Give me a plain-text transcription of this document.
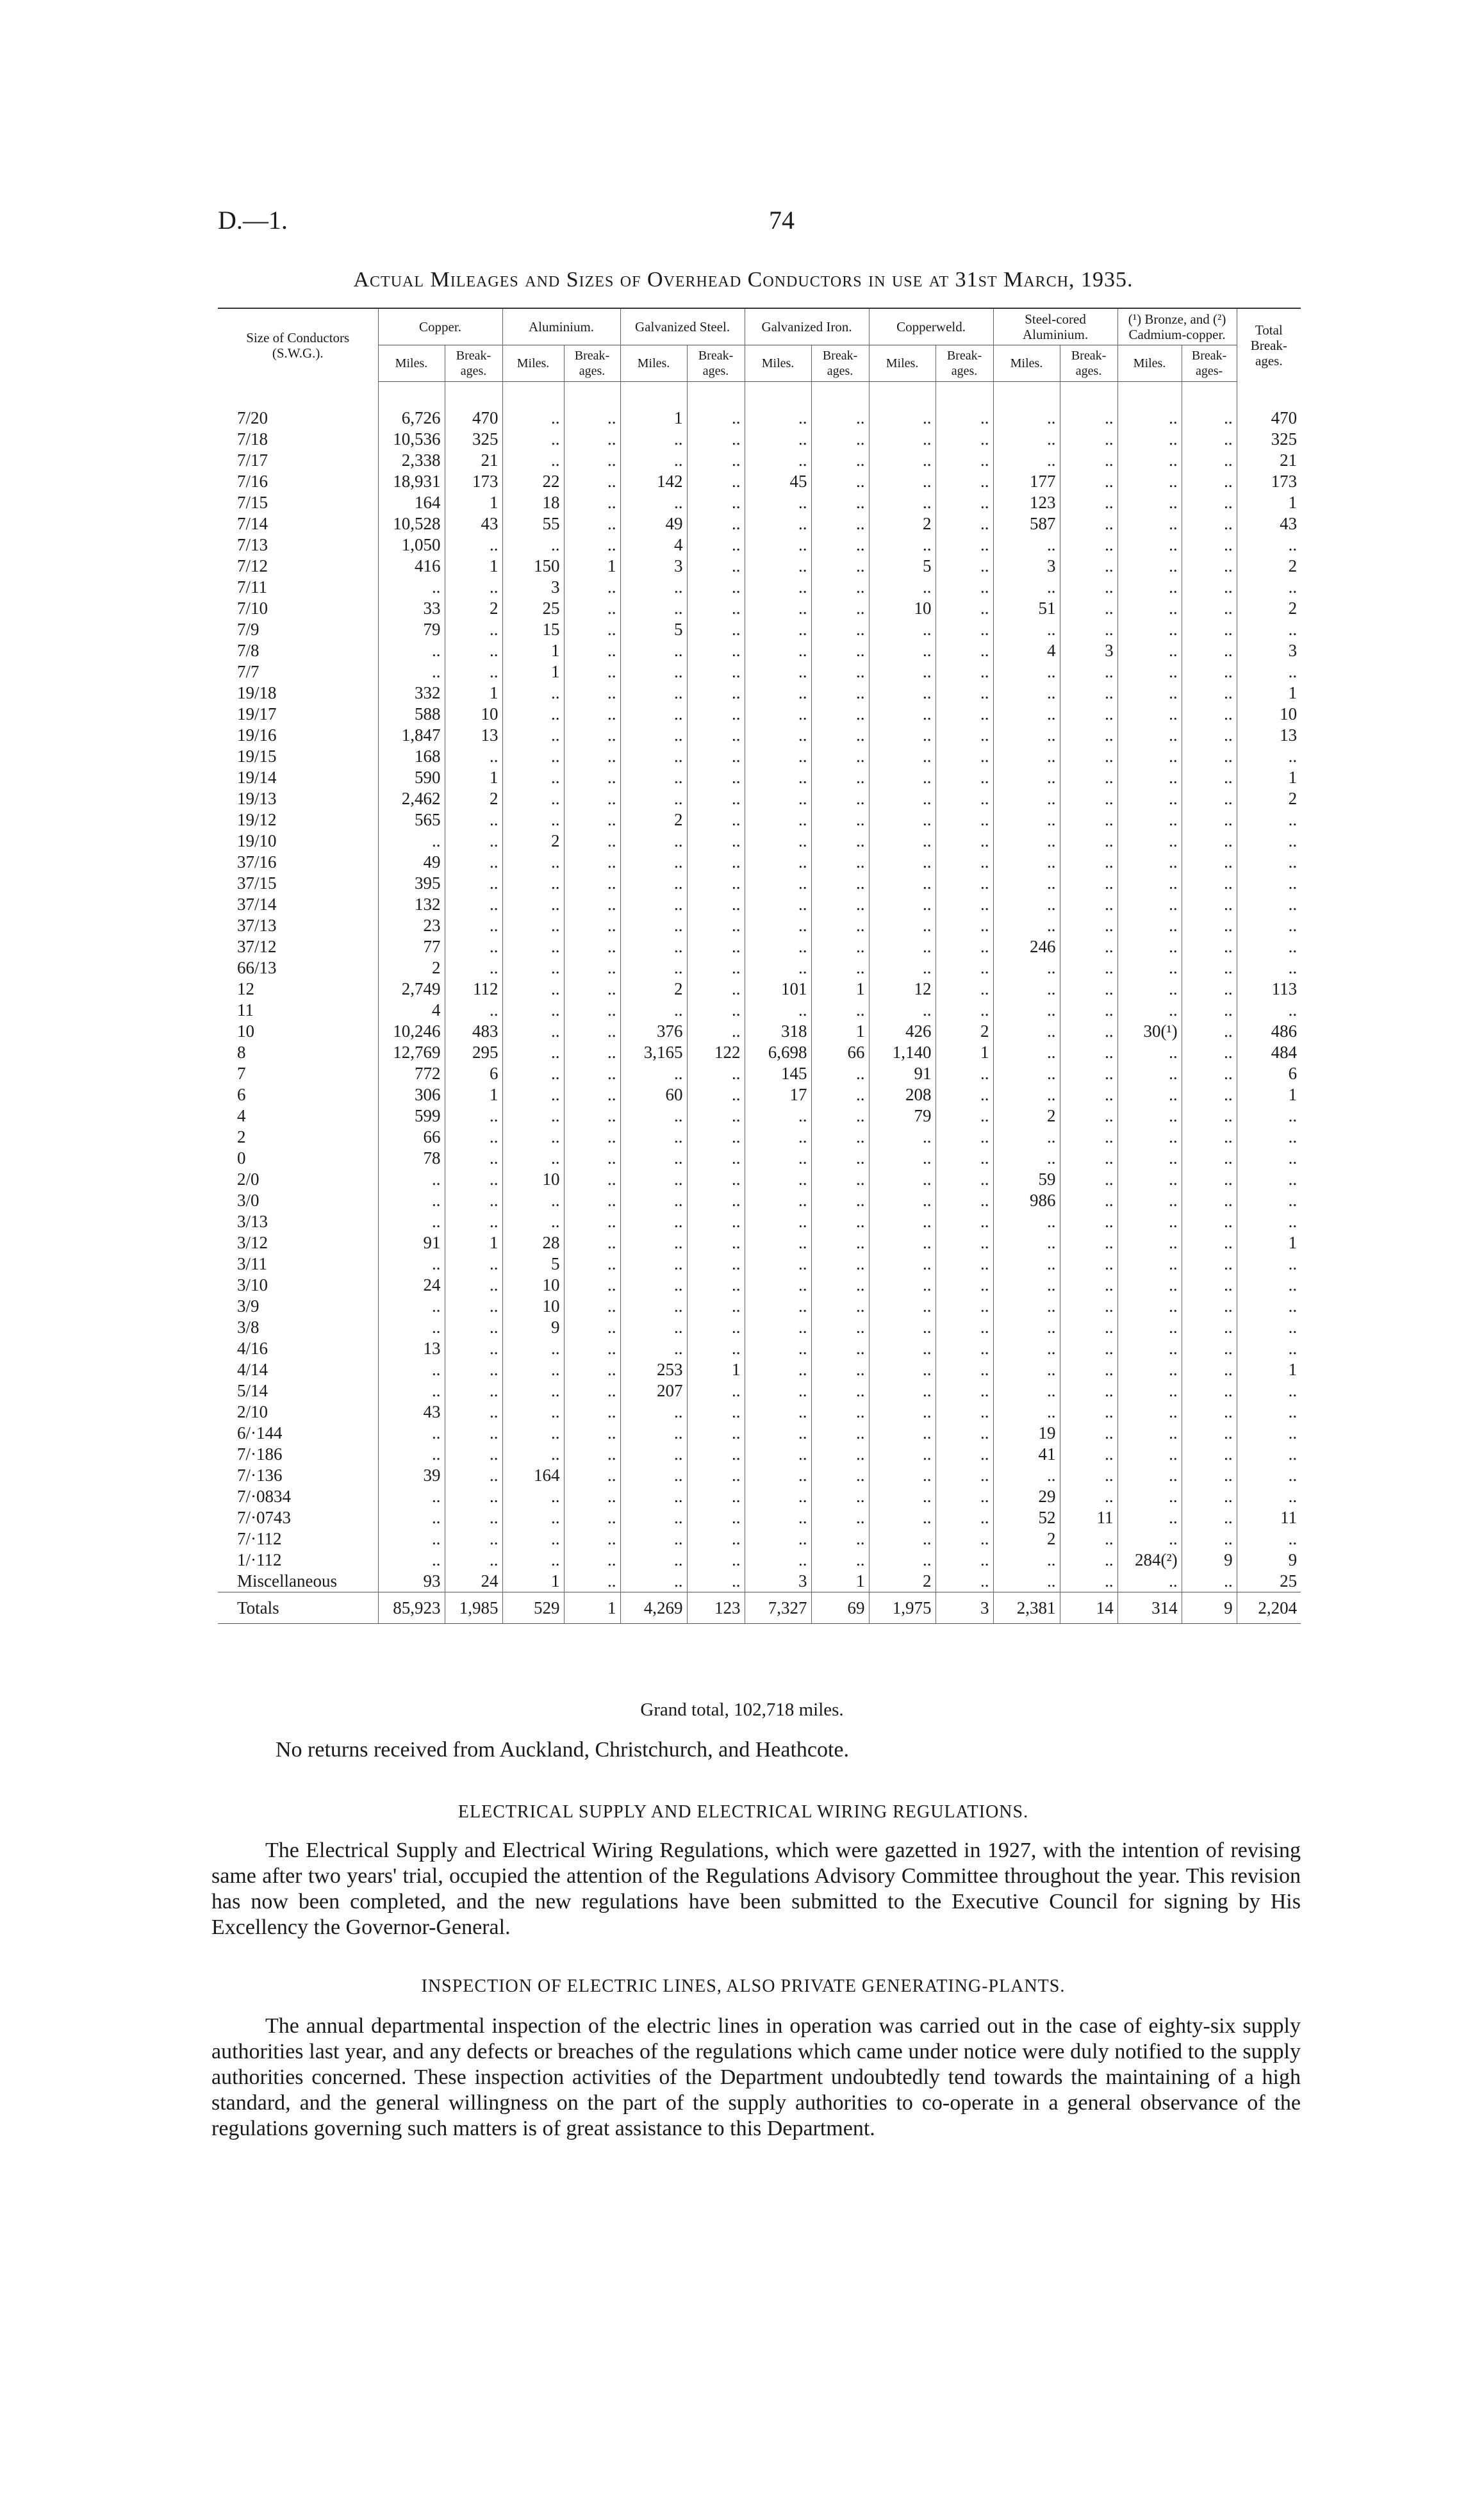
D.—1.	74
Actual Mileages and Sizes of Overhead Conductors in use at 31st March, 1935.
Size of Conductors (S.W.G.).	Copper.		Aluminium.		Galvanized Steel.		Galvanized Iron.		Copperweld.		Steel-cored Aluminium.		(¹) Bronze, and (²) Cadmium-copper.		Total Break-ages.
	Miles.	Break-ages.	Miles.	Break-ages.	Miles.	Break-ages.	Miles.	Break-ages.	Miles.	Break-ages.	Miles.	Break-ages.	Miles.	Break-ages-	
7/20	6,726	470	..	..	1	..	..	..	..	..	..	..	..	..	470
7/18	10,536	325	..	..	..	..	..	..	..	..	..	..	..	..	325
7/17	2,338	21	..	..	..	..	..	..	..	..	..	..	..	..	21
7/16	18,931	173	22	..	142	..	45	..	..	..	177	..	..	..	173
7/15	164	1	18	..	..	..	..	..	..	..	123	..	..	..	1
7/14	10,528	43	55	..	49	..	..	..	2	..	587	..	..	..	43
7/13	1,050	..	..	..	4	..	..	..	..	..	..	..	..	..	..
7/12	416	1	150	1	3	..	..	..	5	..	3	..	..	..	2
7/11	..	..	3	..	..	..	..	..	..	..	..	..	..	..	..
7/10	33	2	25	..	..	..	..	..	10	..	51	..	..	..	2
7/9	79	..	15	..	5	..	..	..	..	..	..	..	..	..	..
7/8	..	..	1	..	..	..	..	..	..	..	4	3	..	..	3
7/7	..	..	1	..	..	..	..	..	..	..	..	..	..	..	..
19/18	332	1	..	..	..	..	..	..	..	..	..	..	..	..	1
19/17	588	10	..	..	..	..	..	..	..	..	..	..	..	..	10
19/16	1,847	13	..	..	..	..	..	..	..	..	..	..	..	..	13
19/15	168	..	..	..	..	..	..	..	..	..	..	..	..	..	..
19/14	590	1	..	..	..	..	..	..	..	..	..	..	..	..	1
19/13	2,462	2	..	..	..	..	..	..	..	..	..	..	..	..	2
19/12	565	..	..	..	2	..	..	..	..	..	..	..	..	..	..
19/10	..	..	2	..	..	..	..	..	..	..	..	..	..	..	..
37/16	49	..	..	..	..	..	..	..	..	..	..	..	..	..	..
37/15	395	..	..	..	..	..	..	..	..	..	..	..	..	..	..
37/14	132	..	..	..	..	..	..	..	..	..	..	..	..	..	..
37/13	23	..	..	..	..	..	..	..	..	..	..	..	..	..	..
37/12	77	..	..	..	..	..	..	..	..	..	246	..	..	..	..
66/13	2	..	..	..	..	..	..	..	..	..	..	..	..	..	..
12	2,749	112	..	..	2	..	101	1	12	..	..	..	..	..	113
11	4	..	..	..	..	..	..	..	..	..	..	..	..	..	..
10	10,246	483	..	..	376	..	318	1	426	2	..	..	30(¹)	..	486
8	12,769	295	..	..	3,165	122	6,698	66	1,140	1	..	..	..	..	484
7	772	6	..	..	..	..	145	..	91	..	..	..	..	..	6
6	306	1	..	..	60	..	17	..	208	..	..	..	..	..	1
4	599	..	..	..	..	..	..	..	79	..	2	..	..	..	..
2	66	..	..	..	..	..	..	..	..	..	..	..	..	..	..
0	78	..	..	..	..	..	..	..	..	..	..	..	..	..	..
2/0	..	..	10	..	..	..	..	..	..	..	59	..	..	..	..
3/0	..	..	..	..	..	..	..	..	..	..	986	..	..	..	..
3/13	..	..	..	..	..	..	..	..	..	..	..	..	..	..	..
3/12	91	1	28	..	..	..	..	..	..	..	..	..	..	..	1
3/11	..	..	5	..	..	..	..	..	..	..	..	..	..	..	..
3/10	24	..	10	..	..	..	..	..	..	..	..	..	..	..	..
3/9	..	..	10	..	..	..	..	..	..	..	..	..	..	..	..
3/8	..	..	9	..	..	..	..	..	..	..	..	..	..	..	..
4/16	13	..	..	..	..	..	..	..	..	..	..	..	..	..	..
4/14	..	..	..	..	253	1	..	..	..	..	..	..	..	..	1
5/14	..	..	..	..	207	..	..	..	..	..	..	..	..	..	..
2/10	43	..	..	..	..	..	..	..	..	..	..	..	..	..	..
6/·144	..	..	..	..	..	..	..	..	..	..	19	..	..	..	..
7/·186	..	..	..	..	..	..	..	..	..	..	41	..	..	..	..
7/·136	39	..	164	..	..	..	..	..	..	..	..	..	..	..	..
7/·0834	..	..	..	..	..	..	..	..	..	..	29	..	..	..	..
7/·0743	..	..	..	..	..	..	..	..	..	..	52	11	..	..	11
7/·112	..	..	..	..	..	..	..	..	..	..	2	..	..	..	..
1/·112	..	..	..	..	..	..	..	..	..	..	..	..	284(²)	9	9
Miscellaneous	93	24	1	..	..	..	3	1	2	..	..	..	..	..	25
Totals	85,923	1,985	529	1	4,269	123	7,327	69	1,975	3	2,381	14	314	9	2,204
Grand total, 102,718 miles.
No returns received from Auckland, Christchurch, and Heathcote.
ELECTRICAL SUPPLY AND ELECTRICAL WIRING REGULATIONS.
The Electrical Supply and Electrical Wiring Regulations, which were gazetted in 1927, with the intention of revising same after two years' trial, occupied the attention of the Regulations Advisory Committee throughout the year. This revision has now been completed, and the new regulations have been submitted to the Executive Council for signing by His Excellency the Governor-General.
INSPECTION OF ELECTRIC LINES, ALSO PRIVATE GENERATING-PLANTS.
The annual departmental inspection of the electric lines in operation was carried out in the case of eighty-six supply authorities last year, and any defects or breaches of the regulations which came under notice were duly notified to the supply authorities concerned. These inspection activities of the Department undoubtedly tend towards the maintaining of a high standard, and the general willingness on the part of the supply authorities to co-operate in a general observance of the regulations governing such matters is of great assistance to this Department.
